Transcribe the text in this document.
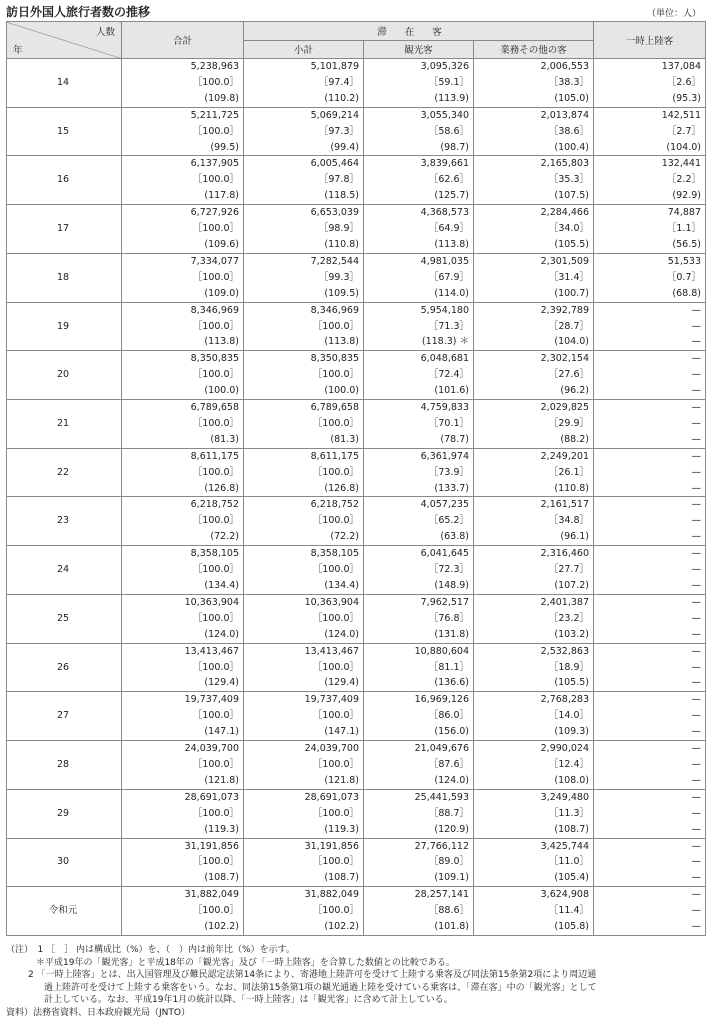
訪日外国人旅行者数の推移	（単位：人）
人数
年	合計	滞在客			一時上陸客
		小計	観光客	業務その他の客	
14	5,238,963	5,101,879	3,095,326	2,006,553	137,084
	［100.0］	［97.4］	［59.1］	［38.3］	［2.6］
	(109.8)	(110.2)	(113.9)	(105.0)	(95.3)
15	5,211,725	5,069,214	3,055,340	2,013,874	142,511
	［100.0］	［97.3］	［58.6］	［38.6］	［2.7］
	(99.5)	(99.4)	(98.7)	(100.4)	(104.0)
16	6,137,905	6,005,464	3,839,661	2,165,803	132,441
	［100.0］	［97.8］	［62.6］	［35.3］	［2.2］
	(117.8)	(118.5)	(125.7)	(107.5)	(92.9)
17	6,727,926	6,653,039	4,368,573	2,284,466	74,887
	［100.0］	［98.9］	［64.9］	［34.0］	［1.1］
	(109.6)	(110.8)	(113.8)	(105.5)	(56.5)
18	7,334,077	7,282,544	4,981,035	2,301,509	51,533
	［100.0］	［99.3］	［67.9］	［31.4］	［0.7］
	(109.0)	(109.5)	(114.0)	(100.7)	(68.8)
19	8,346,969	8,346,969	5,954,180	2,392,789	—
	［100.0］	［100.0］	［71.3］	［28.7］	—
	(113.8)	(113.8)	(118.3) ＊	(104.0)	—
20	8,350,835	8,350,835	6,048,681	2,302,154	—
	［100.0］	［100.0］	［72.4］	［27.6］	—
	(100.0)	(100.0)	(101.6)	(96.2)	—
21	6,789,658	6,789,658	4,759,833	2,029,825	—
	［100.0］	［100.0］	［70.1］	［29.9］	—
	(81.3)	(81.3)	(78.7)	(88.2)	—
22	8,611,175	8,611,175	6,361,974	2,249,201	—
	［100.0］	［100.0］	［73.9］	［26.1］	—
	(126.8)	(126.8)	(133.7)	(110.8)	—
23	6,218,752	6,218,752	4,057,235	2,161,517	—
	［100.0］	［100.0］	［65.2］	［34.8］	—
	(72.2)	(72.2)	(63.8)	(96.1)	—
24	8,358,105	8,358,105	6,041,645	2,316,460	—
	［100.0］	［100.0］	［72.3］	［27.7］	—
	(134.4)	(134.4)	(148.9)	(107.2)	—
25	10,363,904	10,363,904	7,962,517	2,401,387	—
	［100.0］	［100.0］	［76.8］	［23.2］	—
	(124.0)	(124.0)	(131.8)	(103.2)	—
26	13,413,467	13,413,467	10,880,604	2,532,863	—
	［100.0］	［100.0］	［81.1］	［18.9］	—
	(129.4)	(129.4)	(136.6)	(105.5)	—
27	19,737,409	19,737,409	16,969,126	2,768,283	—
	［100.0］	［100.0］	［86.0］	［14.0］	—
	(147.1)	(147.1)	(156.0)	(109.3)	—
28	24,039,700	24,039,700	21,049,676	2,990,024	—
	［100.0］	［100.0］	［87.6］	［12.4］	—
	(121.8)	(121.8)	(124.0)	(108.0)	—
29	28,691,073	28,691,073	25,441,593	3,249,480	—
	［100.0］	［100.0］	［88.7］	［11.3］	—
	(119.3)	(119.3)	(120.9)	(108.7)	—
30	31,191,856	31,191,856	27,766,112	3,425,744	—
	［100.0］	［100.0］	［89.0］	［11.0］	—
	(108.7)	(108.7)	(109.1)	(105.4)	—
令和元	31,882,049	31,882,049	28,257,141	3,624,908	—
	［100.0］	［100.0］	［88.6］	［11.4］	—
	(102.2)	(102.2)	(101.8)	(105.8)	—

（注）　1 ［　］ 内は構成比（%）を、（　）内は前年比（%）を示す。

＊平成19年の「観光客」と平成18年の「観光客」及び「一時上陸客」を合算した数値との比較である。

2 「一時上陸客」とは、出入国管理及び難民認定法第14条により、寄港地上陸許可を受けて上陸する乗客及び同法第15条第2項により周辺通

過上陸許可を受けて上陸する乗客をいう。なお、同法第15条第1項の観光通過上陸を受けている乗客は、「滞在客」中の「観光客」として

計上している。なお、平成19年1月の統計以降、「一時上陸客」は「観光客」に含めて計上している。

資料）法務省資料、日本政府観光局（JNTO）
